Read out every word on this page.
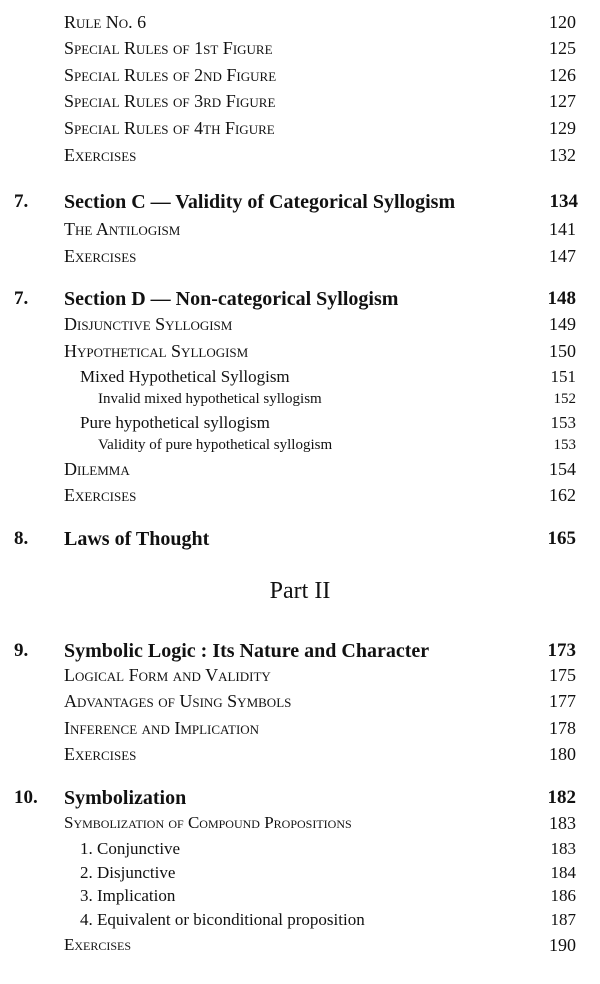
Rule No. 6	120
Special Rules of 1st Figure	125
Special Rules of 2nd Figure	126
Special Rules of 3rd Figure	127
Special Rules of 4th Figure	129
Exercises	132
7. Section C — Validity of Categorical Syllogism	134
The Antilogism	141
Exercises	147
7. Section D — Non-categorical Syllogism	148
Disjunctive Syllogism	149
Hypothetical Syllogism	150
Mixed Hypothetical Syllogism	151
Invalid mixed hypothetical syllogism	152
Pure hypothetical syllogism	153
Validity of pure hypothetical syllogism	153
Dilemma	154
Exercises	162
8. Laws of Thought	165
Part II
9. Symbolic Logic : Its Nature and Character	173
Logical Form and Validity	175
Advantages of Using Symbols	177
Inference and Implication	178
Exercises	180
10. Symbolization	182
Symbolization of Compound Propositions	183
1. Conjunctive	183
2. Disjunctive	184
3. Implication	186
4. Equivalent or biconditional proposition	187
Exercises	190
